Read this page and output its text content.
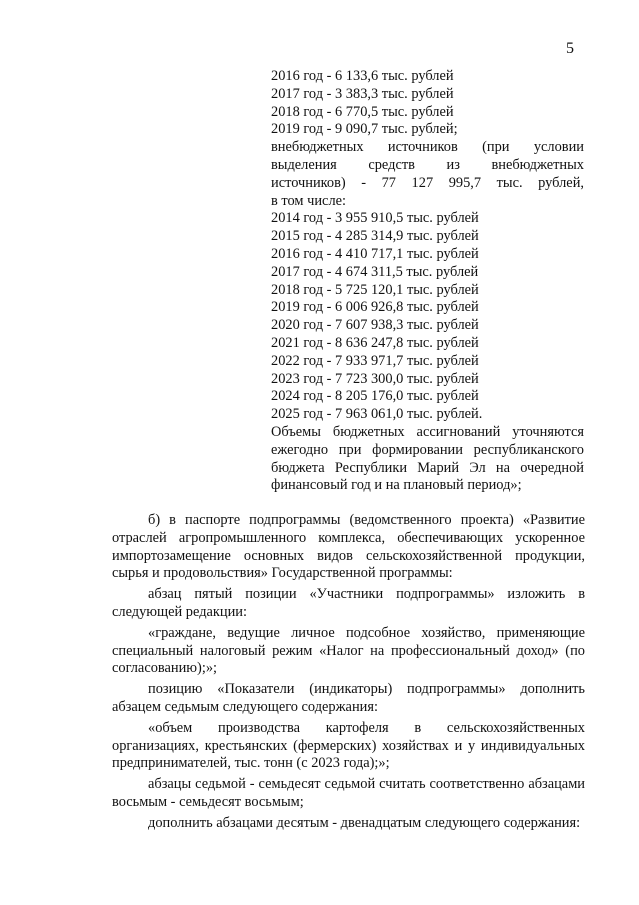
5
2016 год - 6 133,6 тыс. рублей
2017 год - 3 383,3 тыс. рублей
2018 год - 6 770,5 тыс. рублей
2019 год - 9 090,7 тыс. рублей;
внебюджетных источников (при условии
выделения средств из внебюджетных
источников) - 77 127 995,7 тыс. рублей,
в том числе:
2014 год - 3 955 910,5 тыс. рублей
2015 год - 4 285 314,9 тыс. рублей
2016 год - 4 410 717,1 тыс. рублей
2017 год - 4 674 311,5 тыс. рублей
2018 год - 5 725 120,1 тыс. рублей
2019 год - 6 006 926,8 тыс. рублей
2020 год - 7 607 938,3 тыс. рублей
2021 год - 8 636 247,8 тыс. рублей
2022 год - 7 933 971,7 тыс. рублей
2023 год - 7 723 300,0 тыс. рублей
2024 год - 8 205 176,0 тыс. рублей
2025 год - 7 963 061,0 тыс. рублей.
Объемы бюджетных ассигнований уточняются ежегодно при формировании республиканского бюджета Республики Марий Эл на очередной финансовый год и на плановый период»;

б) в паспорте подпрограммы (ведомственного проекта) «Развитие отраслей агропромышленного комплекса, обеспечивающих ускоренное импортозамещение основных видов сельскохозяйственной продукции, сырья и продовольствия» Государственной программы:

абзац пятый позиции «Участники подпрограммы» изложить в следующей редакции:

«граждане, ведущие личное подсобное хозяйство, применяющие специальный налоговый режим «Налог на профессиональный доход» (по согласованию);»;

позицию «Показатели (индикаторы) подпрограммы» дополнить абзацем седьмым следующего содержания:

«объем производства картофеля в сельскохозяйственных организациях, крестьянских (фермерских) хозяйствах и у индивидуальных предпринимателей, тыс. тонн (с 2023 года);»;

абзацы седьмой - семьдесят седьмой считать соответственно абзацами восьмым - семьдесят восьмым;

дополнить абзацами десятым - двенадцатым следующего содержания:
